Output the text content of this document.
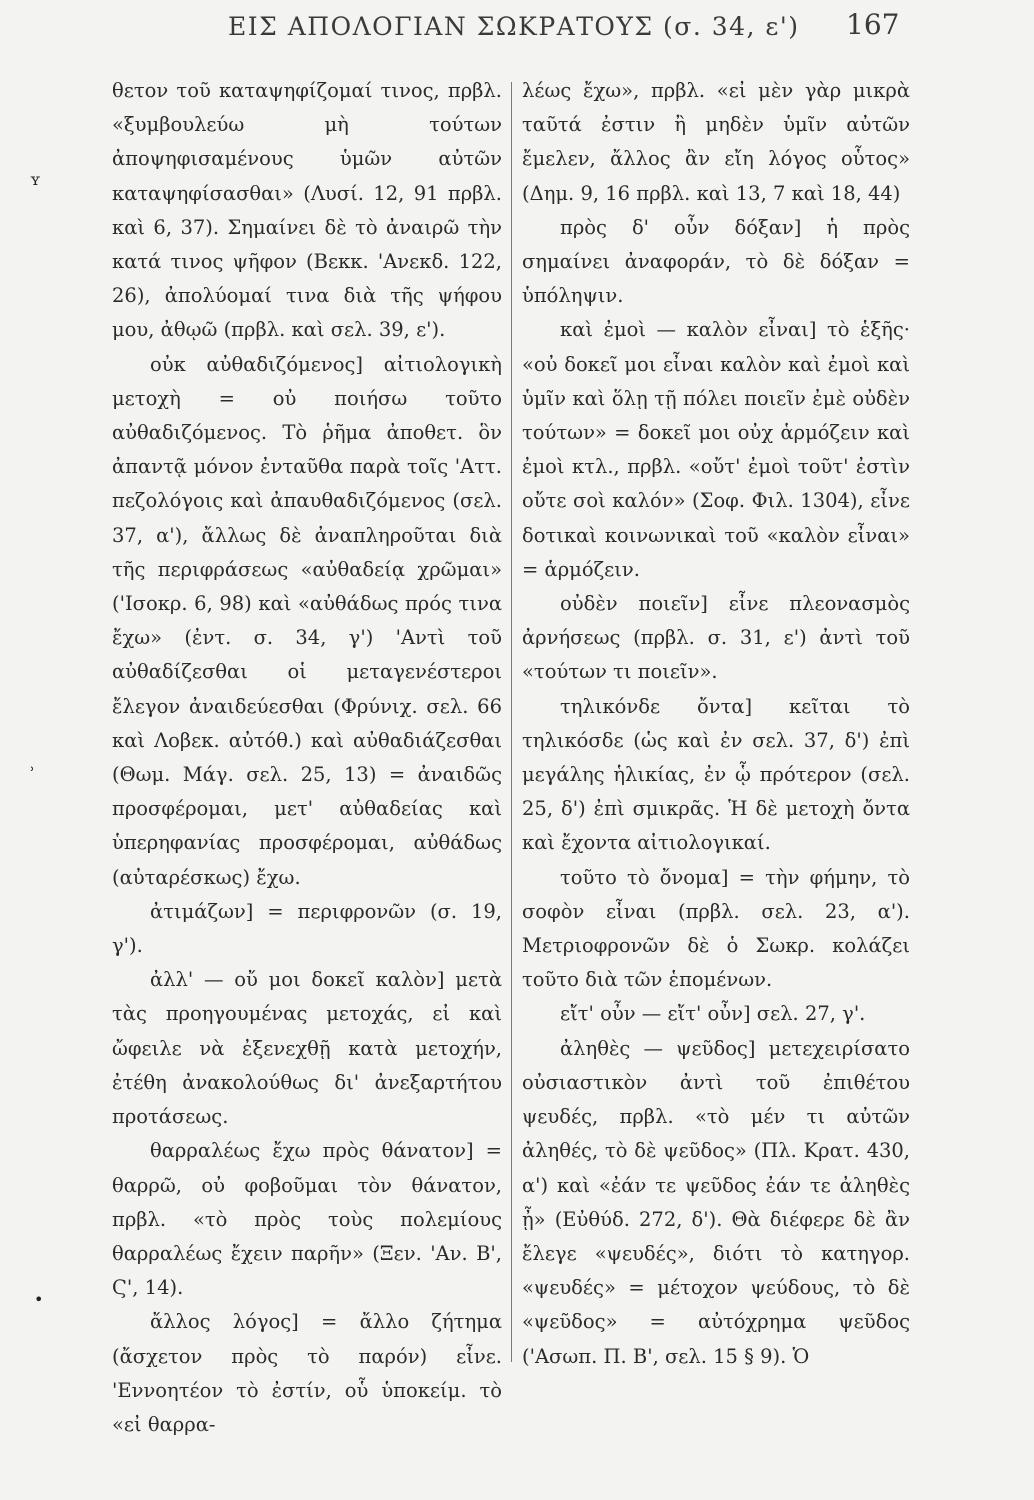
ΕΙΣ ΑΠΟΛΟΓΙΑΝ ΣΩΚΡΑΤΟΥΣ (σ. 34, ε') 167

θετον τοῦ καταψηφίζομαί τινος, πρβλ. «ξυμβουλεύω μὴ τούτων ἀποψηφισαμένους ὑμῶν αὐτῶν καταψηφίσασθαι» (Λυσί. 12, 91 πρβλ. καὶ 6, 37). Σημαίνει δὲ τὸ ἀναιρῶ τὴν κατά τινος ψῆφον (Βεκκ. 'Ανεκδ. 122, 26), ἀπολύομαί τινα διὰ τῆς ψήφου μου, ἀθῳῶ (πρβλ. καὶ σελ. 39, ε').

οὐκ αὐθαδιζόμενος] αἰτιολογικὴ μετοχὴ = οὐ ποιήσω τοῦτο αὐθαδιζόμενος. Τὸ ῥῆμα ἀποθετ. ὃν ἀπαντᾷ μόνον ἐνταῦθα παρὰ τοῖς 'Αττ. πεζολόγοις καὶ ἀπαυθαδιζόμενος (σελ. 37, α'), ἄλλως δὲ ἀναπληροῦται διὰ τῆς περιφράσεως «αὐθαδείᾳ χρῶμαι» ('Ισοκρ. 6, 98) καὶ «αὐθάδως πρός τινα ἔχω» (ἐντ. σ. 34, γ') 'Αντὶ τοῦ αὐθαδίζεσθαι οἱ μεταγενέστεροι ἔλεγον ἀναιδεύεσθαι (Φρύνιχ. σελ. 66 καὶ Λοβεκ. αὐτόθ.) καὶ αὐθαδιάζεσθαι (Θωμ. Μάγ. σελ. 25, 13) = ἀναιδῶς προσφέρομαι, μετ' αὐθαδείας καὶ ὑπερηφανίας προσφέρομαι, αὐθάδως (αὐταρέσκως) ἔχω.

ἀτιμάζων] = περιφρονῶν (σ. 19, γ').

ἀλλ' — οὔ μοι δοκεῖ καλὸν] μετὰ τὰς προηγουμένας μετοχάς, εἰ καὶ ὤφειλε νὰ ἐξενεχθῇ κατὰ μετοχήν, ἐτέθη ἀνακολούθως δι' ἀνεξαρτήτου προτάσεως.

θαρραλέως ἔχω πρὸς θάνατον] = θαρρῶ, οὐ φοβοῦμαι τὸν θάνατον, πρβλ. «τὸ πρὸς τοὺς πολεμίους θαρραλέως ἔχειν παρῆν» (Ξεν. 'Αν. Β', Ϛ', 14).

ἄλλος λόγος] = ἄλλο ζήτημα (ἄσχετον πρὸς τὸ παρόν) εἶνε. 'Εννοητέον τὸ ἐστίν, οὗ ὑποκείμ. τὸ «εἰ θαρρα-

λέως ἔχω», πρβλ. «εἰ μὲν γὰρ μικρὰ ταῦτά ἐστιν ἢ μηδὲν ὑμῖν αὐτῶν ἔμελεν, ἄλλος ἂν εἴη λόγος οὗτος» (Δημ. 9, 16 πρβλ. καὶ 13, 7 καὶ 18, 44)

πρὸς δ' οὖν δόξαν] ἡ πρὸς σημαίνει ἀναφοράν, τὸ δὲ δόξαν = ὑπόληψιν.

καὶ ἐμοὶ — καλὸν εἶναι] τὸ ἑξῆς· «οὐ δοκεῖ μοι εἶναι καλὸν καὶ ἐμοὶ καὶ ὑμῖν καὶ ὅλῃ τῇ πόλει ποιεῖν ἐμὲ οὐδὲν τούτων» = δοκεῖ μοι οὐχ ἁρμόζειν καὶ ἐμοὶ κτλ., πρβλ. «οὔτ' ἐμοὶ τοῦτ' ἐστὶν οὔτε σοὶ καλόν» (Σοφ. Φιλ. 1304), εἶνε δοτικαὶ κοινωνικαὶ τοῦ «καλὸν εἶναι» = ἁρμόζειν.

οὐδὲν ποιεῖν] εἶνε πλεονασμὸς ἀρνήσεως (πρβλ. σ. 31, ε') ἀντὶ τοῦ «τούτων τι ποιεῖν».

τηλικόνδε ὄντα] κεῖται τὸ τηλικόσδε (ὡς καὶ ἐν σελ. 37, δ') ἐπὶ μεγάλης ἡλικίας, ἐν ᾧ πρότερον (σελ. 25, δ') ἐπὶ σμικρᾶς. Ἡ δὲ μετοχὴ ὄντα καὶ ἔχοντα αἰτιολογικαί.

τοῦτο τὸ ὄνομα] = τὴν φήμην, τὸ σοφὸν εἶναι (πρβλ. σελ. 23, α'). Μετριοφρονῶν δὲ ὁ Σωκρ. κολάζει τοῦτο διὰ τῶν ἑπομένων.

εἴτ' οὖν — εἴτ' οὖν] σελ. 27, γ'.

ἀληθὲς — ψεῦδος] μετεχειρίσατο οὐσιαστικὸν ἀντὶ τοῦ ἐπιθέτου ψευδές, πρβλ. «τὸ μέν τι αὐτῶν ἀληθές, τὸ δὲ ψεῦδος» (Πλ. Κρατ. 430, α') καὶ «ἐάν τε ψεῦδος ἐάν τε ἀληθὲς ᾖ» (Εὐθύδ. 272, δ'). Θὰ διέφερε δὲ ἂν ἔλεγε «ψευδές», διότι τὸ κατηγορ. «ψευδές» = μέτοχον ψεύδους, τὸ δὲ «ψεῦδος» = αὐτόχρημα ψεῦδος ('Ασωπ. Π. Β', σελ. 15 § 9). Ὁ

ʏ
˒
•
